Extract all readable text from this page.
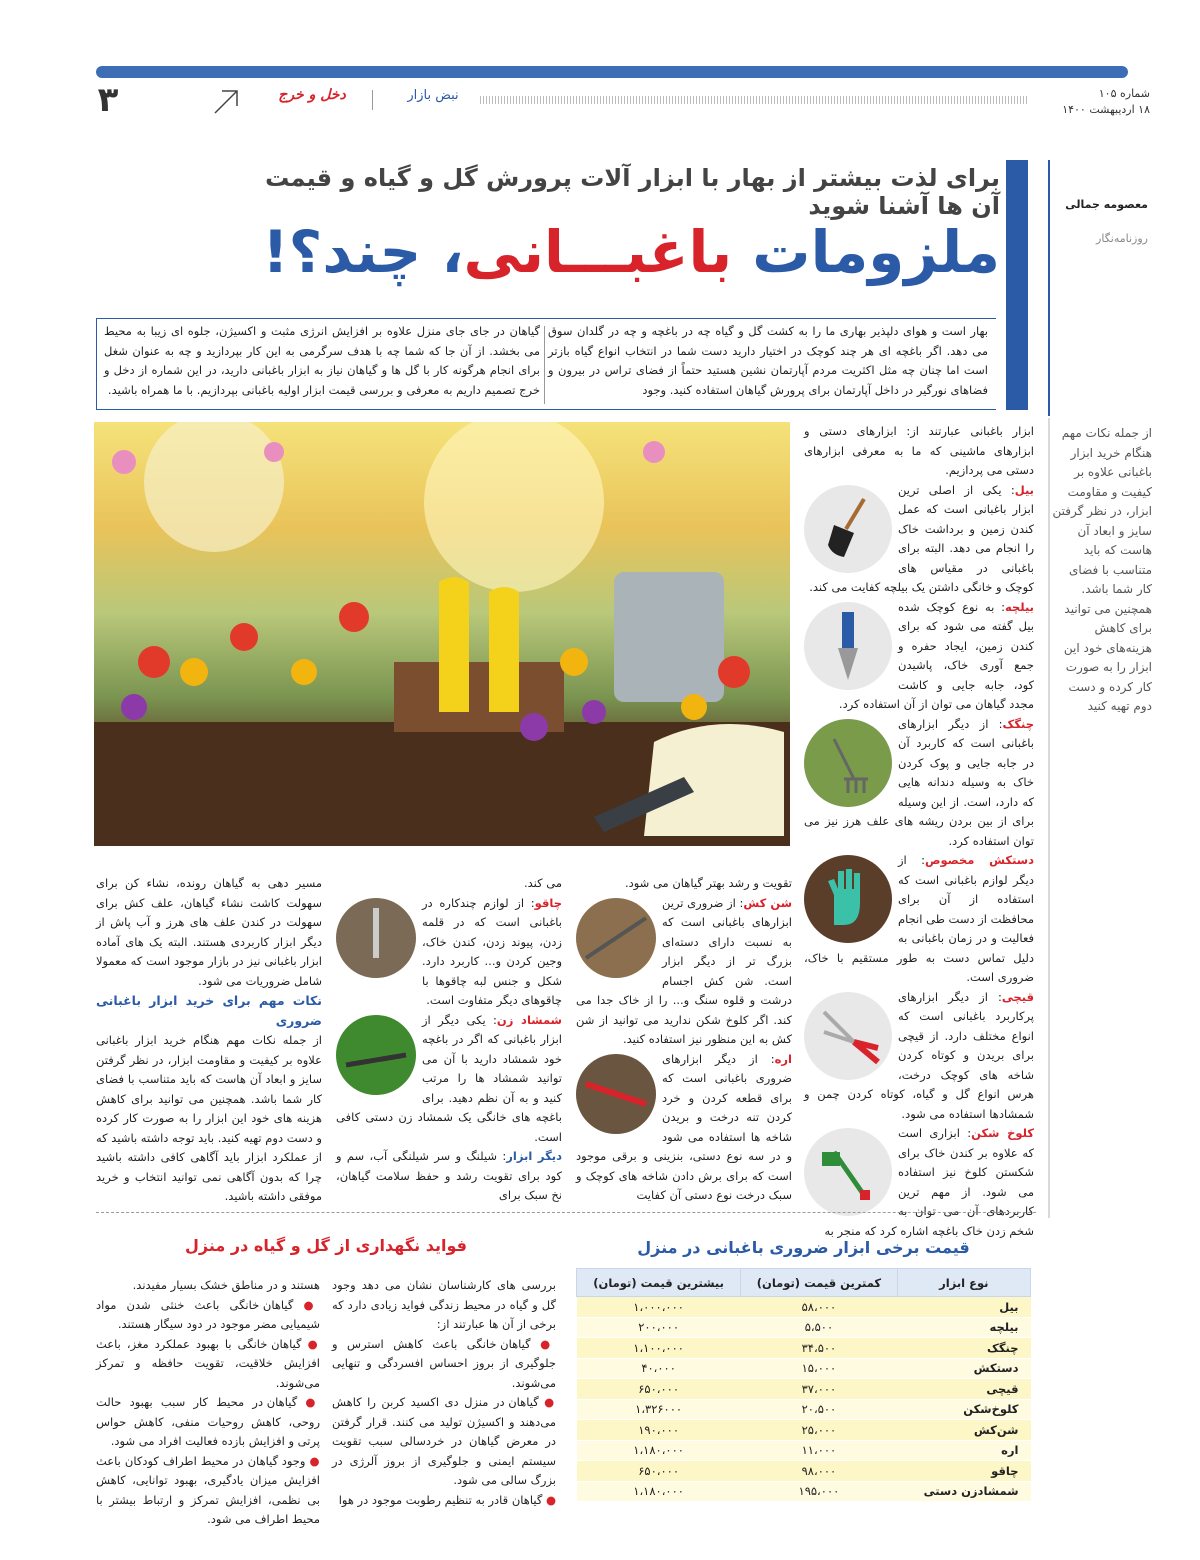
شماره ۱۰۵
۱۸ اردیبهشت ۱۴۰۰
نبض بازار
دخل و خرج
۳
معصومه جمالی
روزنامه‌نگار
برای لذت بیشتر از بهار با ابزار آلات پرورش گل و گیاه و قیمت آن ها آشنا شوید
ملزومات باغبـــانی، چند؟!
بهار است و هوای دلپذیر بهاری ما را به کشت گل و گیاه چه در باغچه و چه در گلدان سوق می دهد. اگر باغچه ای هر چند کوچک در اختیار دارید دست شما در انتخاب انواع گیاه بازتر است اما چنان چه مثل اکثریت مردم آپارتمان نشین هستید حتماً از فضای تراس در بیرون و فضاهای نورگیر در داخل آپارتمان برای پرورش گیاهان استفاده کنید. وجود
گیاهان در جای جای منزل علاوه بر افزایش انرژی مثبت و اکسیژن، جلوه ای زیبا به محیط می بخشد. از آن جا که شما چه با هدف سرگرمی به این کار بپردازید و چه به عنوان شغل برای انجام هرگونه کار با گل ها و گیاهان نیاز به ابزار باغبانی دارید، در این شماره از دخل و خرج تصمیم داریم به معرفی و بررسی قیمت ابزار اولیه باغبانی بپردازیم. با ما همراه باشید.
از جمله نکات مهم هنگام خرید ابزار باغبانی علاوه بر کیفیت و مقاومت ابزار، در نظر گرفتن سایز و ابعاد آن هاست که باید متناسب با فضای کار شما باشد. همچنین می توانید برای کاهش هزینه‌های خود این ابزار را به صورت کار کرده و دست دوم تهیه کنید
ابزار باغبانی عبارتند از: ابزارهای دستی و ابزارهای ماشینی که ما به معرفی ابزارهای دستی می پردازیم.
بیل: یکی از اصلی ترین ابزار باغبانی است که عمل کندن زمین و برداشت خاک را انجام می دهد. البته برای باغبانی در مقیاس های کوچک و خانگی داشتن یک بیلچه کفایت می کند.
بیلچه: به نوع کوچک شده بیل گفته می شود که برای کندن زمین، ایجاد حفره و جمع آوری خاک، پاشیدن کود، جابه جایی و کاشت مجدد گیاهان می توان از آن استفاده کرد.
چنگک: از دیگر ابزارهای باغبانی است که کاربرد آن در جابه جایی و پوک کردن خاک به وسیله دندانه هایی که دارد، است. از این وسیله برای از بین بردن ریشه های علف هرز نیز می توان استفاده کرد.
دستکش مخصوص: از دیگر لوازم باغبانی است که استفاده از آن برای محافظت از دست طی انجام فعالیت و در زمان باغبانی به دلیل تماس دست به طور مستقیم با خاک، ضروری است.
قیچی: از دیگر ابزارهای پرکاربرد باغبانی است که انواع مختلف دارد. از قیچی برای بریدن و کوتاه کردن شاخه های کوچک درخت، هرس انواع گل و گیاه، کوتاه کردن چمن و شمشادها استفاده می شود.
کلوخ شکن: ابزاری است که علاوه بر کندن خاک برای شکستن کلوخ نیز استفاده می شود. از مهم ترین کاربردهای آن می توان به شخم زدن خاک باغچه اشاره کرد که منجر به
تقویت و رشد بهتر گیاهان می شود.
شن کش: از ضروری ترین ابزارهای باغبانی است که به نسبت دارای دسته‌ای بزرگ تر از دیگر ابزار است. شن کش اجسام درشت و قلوه سنگ و... را از خاک جدا می کند. اگر کلوخ شکن ندارید می توانید از شن کش به این منظور نیز استفاده کنید.
اره: از دیگر ابزارهای ضروری باغبانی است که برای قطعه کردن و خرد کردن تنه درخت و بریدن شاخه ها استفاده می شود و در سه نوع دستی، بنزینی و برقی موجود است که برای برش دادن شاخه های کوچک و سبک درخت نوع دستی آن کفایت
می کند.
چاقو: از لوازم چندکاره در باغبانی است که در قلمه زدن، پیوند زدن، کندن خاک، وجین کردن و... کاربرد دارد. شکل و جنس لبه چاقوها با چاقوهای دیگر متفاوت است.
شمشاد زن: یکی دیگر از ابزار باغبانی که اگر در باغچه خود شمشاد دارید با آن می توانید شمشاد ها را مرتب کنید و به آن نظم دهید. برای باغچه های خانگی یک شمشاد زن دستی کافی است.
دیگر ابزار: شیلنگ و سر شیلنگی آب، سم و کود برای تقویت رشد و حفظ سلامت گیاهان، نخ سبک برای
مسیر دهی به گیاهان رونده، نشاء کن برای سهولت کاشت نشاء گیاهان، علف کش برای سهولت در کندن علف های هرز و آب پاش از دیگر ابزار کاربردی هستند. البته یک های آماده ابزار باغبانی نیز در بازار موجود است که معمولا شامل ضروریات می شود.
نکات مهم برای خرید ابزار باغبانی ضروری
از جمله نکات مهم هنگام خرید ابزار باغبانی علاوه بر کیفیت و مقاومت ابزار، در نظر گرفتن سایز و ابعاد آن هاست که باید متناسب با فضای کار شما باشد. همچنین می توانید برای کاهش هزینه های خود این ابزار را به صورت کار کرده و دست دوم تهیه کنید. باید توجه داشته باشید که از عملکرد ابزار باید آگاهی کافی داشته باشید چرا که بدون آگاهی نمی توانید انتخاب و خرید موفقی داشته باشید.
قیمت برخی ابزار ضروری باغبانی در منزل
نوع ابزار	کمترین قیمت (تومان)	بیشترین قیمت (تومان)
بیل	۵۸،۰۰۰	۱،۰۰۰،۰۰۰
بیلچه	۵،۵۰۰	۲۰۰،۰۰۰
چنگک	۳۴،۵۰۰	۱،۱۰۰،۰۰۰
دستکش	۱۵،۰۰۰	۴۰،۰۰۰
قیچی	۳۷،۰۰۰	۶۵۰،۰۰۰
کلوخ‌شکن	۲۰،۵۰۰	۱،۳۲۶۰۰۰
شن‌کش	۲۵،۰۰۰	۱۹۰،۰۰۰
اره	۱۱،۰۰۰	۱،۱۸۰،۰۰۰
چاقو	۹۸،۰۰۰	۶۵۰،۰۰۰
شمشادزن دستی	۱۹۵،۰۰۰	۱،۱۸۰،۰۰۰
فواید نگهداری از گل و گیاه در منزل
بررسی های کارشناسان نشان می دهد وجود گل و گیاه در محیط زندگی فواید زیادی دارد که برخی از آن ها عبارتند از:
● گیاهان خانگی باعث کاهش استرس و جلوگیری از بروز احساس افسردگی و تنهایی می‌شوند.
● گیاهان در منزل دی اکسید کربن را کاهش می‌دهند و اکسیژن تولید می کنند. قرار گرفتن در معرض گیاهان در خردسالی سبب تقویت سیستم ایمنی و جلوگیری از بروز آلرژی در بزرگ سالی می شود.
● گیاهان قادر به تنظیم رطوبت موجود در هوا
هستند و در مناطق خشک بسیار مفیدند.
● گیاهان خانگی باعث خنثی شدن مواد شیمیایی مضر موجود در دود سیگار هستند.
● گیاهان خانگی با بهبود عملکرد مغز، باعث افزایش خلاقیت، تقویت حافظه و تمرکز می‌شوند.
● گیاهان در محیط کار سبب بهبود حالت روحی، کاهش روحیات منفی، کاهش حواس پرتی و افزایش بازده فعالیت افراد می شود.
● وجود گیاهان در محیط اطراف کودکان باعث افزایش میزان یادگیری، بهبود توانایی، کاهش بی نظمی، افزایش تمرکز و ارتباط بیشتر با محیط اطراف می شود.
